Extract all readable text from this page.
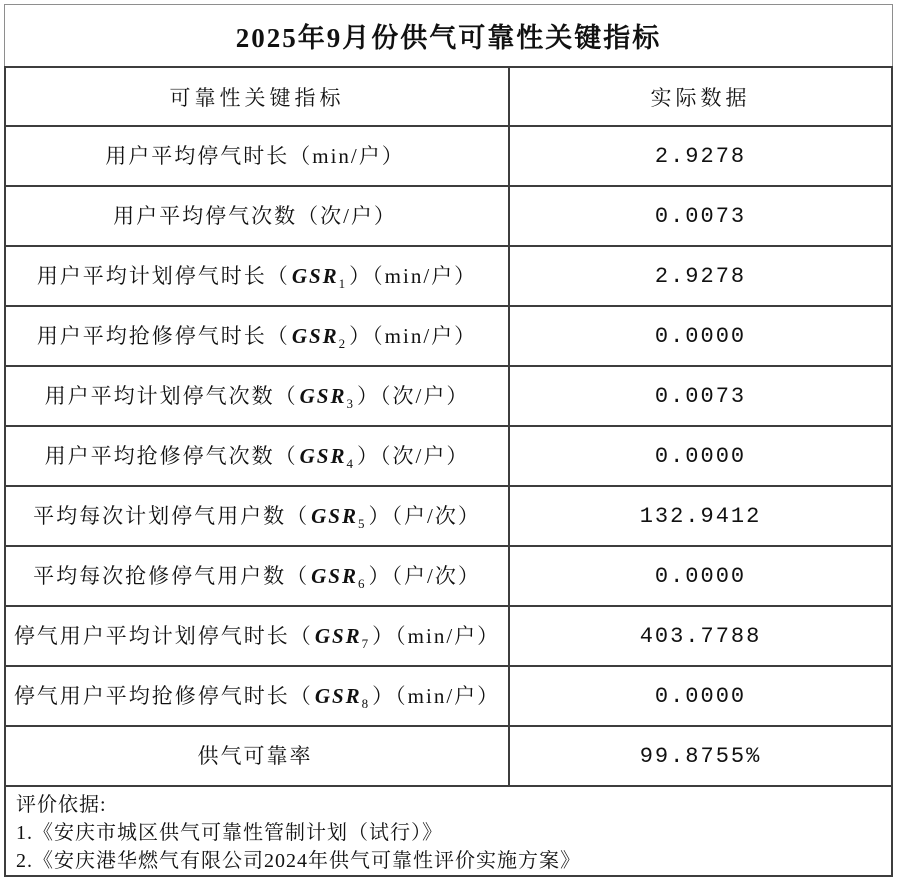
2025年9月份供气可靠性关键指标
可靠性关键指标	实际数据
用户平均停气时长（min/户）	2.9278
用户平均停气次数（次/户）	0.0073
用户平均计划停气时长$(GSR_1)(\min/$户）	2.9278
用户平均抢修停气时长$(GSR_2)(\min/$户）	0.0000
用户平均计划停气次数$(GSR_3)$（次/户）	0.0073
用户平均抢修停气次数$(GSR_4)$（次/户）	0.0000
平均每次计划停气用户数$(GSR_5)$（户/次）	132.9412
平均每次抢修停气用户数$(GSR_6)$（户/次）	0.0000
停气用户平均计划停气时长$(GSR_7)(\min/$户）	403.7788
停气用户平均抢修停气时长$(GSR_8)(\min/$户）	0.0000
供气可靠率	99.8755%
评价依据:
1.《安庆市城区供气可靠性管制计划（试行）》
2.《安庆港华燃气有限公司2024年供气可靠性评价实施方案》
